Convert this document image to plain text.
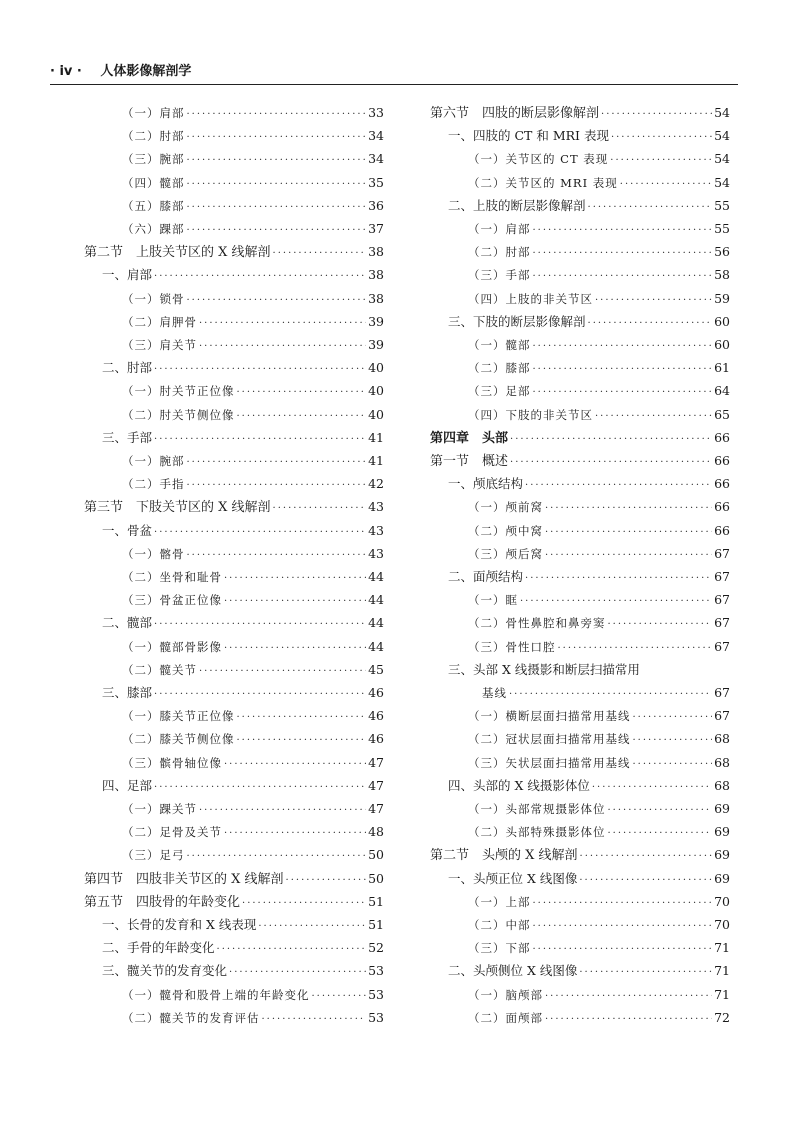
· iv · 人体影像解剖学
（一）肩部 ·····	33
（二）肘部 ·····	34
（三）腕部 ·····	34
（四）髋部 ·····	35
（五）膝部 ·····	36
（六）踝部 ·····	37
第二节　上肢关节区的 X 线解剖 ·····	38
一、肩部 ·····	38
（一）锁骨 ·····	38
（二）肩胛骨 ·····	39
（三）肩关节 ·····	39
二、肘部 ·····	40
（一）肘关节正位像 ·····	40
（二）肘关节侧位像 ·····	40
三、手部 ·····	41
（一）腕部 ·····	41
（二）手指 ·····	42
第三节　下肢关节区的 X 线解剖 ·····	43
一、骨盆 ·····	43
（一）髂骨 ·····	43
（二）坐骨和耻骨 ·····	44
（三）骨盆正位像 ·····	44
二、髋部 ·····	44
（一）髋部骨影像 ·····	44
（二）髋关节 ·····	45
三、膝部 ·····	46
（一）膝关节正位像 ·····	46
（二）膝关节侧位像 ·····	46
（三）髌骨轴位像 ·····	47
四、足部 ·····	47
（一）踝关节 ·····	47
（二）足骨及关节 ·····	48
（三）足弓 ·····	50
第四节　四肢非关节区的 X 线解剖 ·····	50
第五节　四肢骨的年龄变化 ·····	51
一、长骨的发育和 X 线表现 ·····	51
二、手骨的年龄变化 ·····	52
三、髋关节的发育变化 ·····	53
（一）髋骨和股骨上端的年龄变化 ·····	53
（二）髋关节的发育评估 ·····	53
第六节　四肢的断层影像解剖 ·····	54
一、四肢的 CT 和 MRI 表现 ·····	54
（一）关节区的 CT 表现 ·····	54
（二）关节区的 MRI 表现 ·····	54
二、上肢的断层影像解剖 ·····	55
（一）肩部 ·····	55
（二）肘部 ·····	56
（三）手部 ·····	58
（四）上肢的非关节区 ·····	59
三、下肢的断层影像解剖 ·····	60
（一）髋部 ·····	60
（二）膝部 ·····	61
（三）足部 ·····	64
（四）下肢的非关节区 ·····	65
第四章　头部 ·····	66
第一节　概述 ·····	66
一、颅底结构 ·····	66
（一）颅前窝 ·····	66
（二）颅中窝 ·····	66
（三）颅后窝 ·····	67
二、面颅结构 ·····	67
（一）眶 ·····	67
（二）骨性鼻腔和鼻旁窦 ·····	67
（三）骨性口腔 ·····	67
三、头部 X 线摄影和断层扫描常用
基线 ·····	67
（一）横断层面扫描常用基线 ·····	67
（二）冠状层面扫描常用基线 ·····	68
（三）矢状层面扫描常用基线 ·····	68
四、头部的 X 线摄影体位 ·····	68
（一）头部常规摄影体位 ·····	69
（二）头部特殊摄影体位 ·····	69
第二节　头颅的 X 线解剖 ·····	69
一、头颅正位 X 线图像 ·····	69
（一）上部 ·····	70
（二）中部 ·····	70
（三）下部 ·····	71
二、头颅侧位 X 线图像 ·····	71
（一）脑颅部 ·····	71
（二）面颅部 ·····	72
